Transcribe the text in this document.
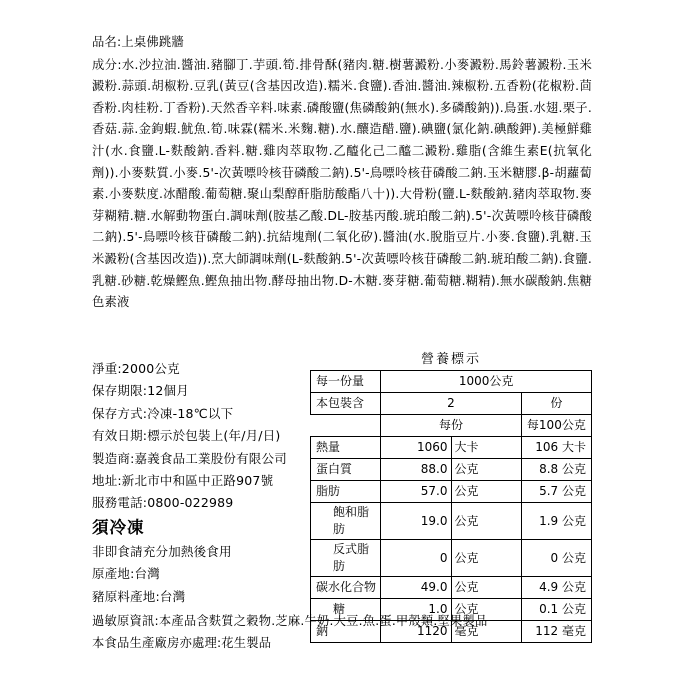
品名:上桌佛跳牆
成分:水.沙拉油.醬油.豬腳丁.芋頭.筍.排骨酥(豬肉.糖.樹薯澱粉.小麥澱粉.馬鈴薯澱粉.玉米澱粉.蒜頭.胡椒粉.豆乳(黃豆(含基因改造).糯米.食鹽).香油.醬油.辣椒粉.五香粉(花椒粉.茴香粉.肉桂粉.丁香粉).天然香辛料.味素.磷酸鹽(焦磷酸鈉(無水).多磷酸鈉)).鳥蛋.水翅.栗子.香菇.蒜.金鉤蝦.魷魚.筍.味霖(糯米.米麴.糖).水.釀造醋.鹽).碘鹽(氯化鈉.碘酸鉀).美極鮮雞汁(水.食鹽.L-麩酸鈉.香料.糖.雞肉萃取物.乙醯化己二醯二澱粉.雞脂(含維生素E(抗氧化劑)).小麥麩質.小麥.5'-次黃嘌呤核苷磷酸二鈉).5'-鳥嘌呤核苷磷酸二鈉.玉米糖膠.β-胡蘿蔔素.小麥麩度.冰醋酸.葡萄糖.聚山梨醇酐脂肪酸酯八十)).大骨粉(鹽.L-麩酸鈉.豬肉萃取物.麥芽糊精.糖.水解動物蛋白.調味劑(胺基乙酸.DL-胺基丙酸.琥珀酸二鈉).5'-次黃嘌呤核苷磷酸二鈉).5'-鳥嘌呤核苷磷酸二鈉).抗結塊劑(二氧化矽).醬油(水.脫脂豆片.小麥.食鹽).乳糖.玉米澱粉(含基因改造)).烹大師調味劑(L-麩酸鈉.5'-次黃嘌呤核苷磷酸二鈉.琥珀酸二鈉).食鹽.乳糖.砂糖.乾燥鰹魚.鰹魚抽出物.酵母抽出物.D-木糖.麥芽糖.葡萄糖.糊精).無水碳酸鈉.焦糖色素液
淨重:2000公克
保存期限:12個月
保存方式:冷凍-18℃以下
有效日期:標示於包裝上(年/月/日)
製造商:嘉義食品工業股份有限公司
地址:新北市中和區中正路907號
服務電話:0800-022989
須冷凍
非即食請充分加熱後食用
原產地:台灣
豬原料產地:台灣
營養標示
每一份量	1000公克		
本包裝含	2		份
	每份		每100公克
熱量	1060	大卡	106 大卡
蛋白質	88.0	公克	8.8 公克
脂肪	57.0	公克	5.7 公克
飽和脂肪	19.0	公克	1.9 公克
反式脂肪	0	公克	0 公克
碳水化合物	49.0	公克	4.9 公克
糖	1.0	公克	0.1 公克
鈉	1120	毫克	112 毫克
過敏原資訊:本產品含麩質之穀物.芝麻.牛奶.大豆.魚.蛋.甲殼類.堅果製品
本食品生產廠房亦處理:花生製品
